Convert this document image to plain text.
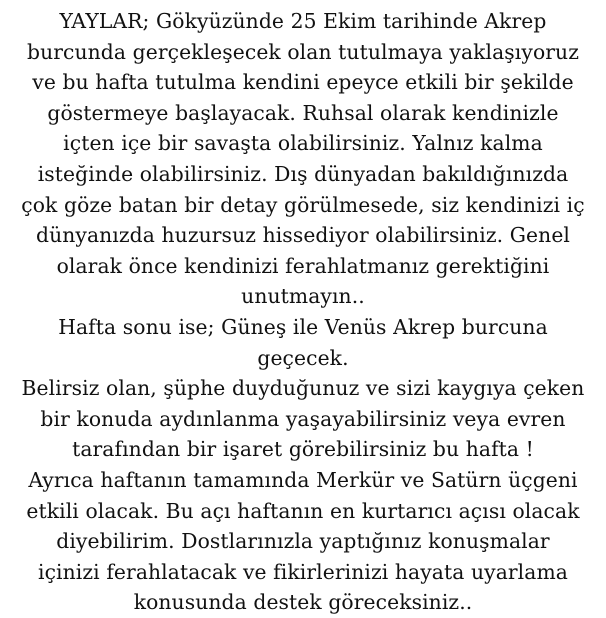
YAYLAR; Gökyüzünde 25 Ekim tarihinde Akrep
burcunda gerçekleşecek olan tutulmaya yaklaşıyoruz
ve bu hafta tutulma kendini epeyce etkili bir şekilde
göstermeye başlayacak. Ruhsal olarak kendinizle
içten içe bir savaşta olabilirsiniz. Yalnız kalma
isteğinde olabilirsiniz. Dış dünyadan bakıldığınızda
çok göze batan bir detay görülmesede, siz kendinizi iç
dünyanızda huzursuz hissediyor olabilirsiniz. Genel
olarak önce kendinizi ferahlatmanız gerektiğini
unutmayın..
Hafta sonu ise; Güneş ile Venüs Akrep burcuna
geçecek.
Belirsiz olan, şüphe duyduğunuz ve sizi kaygıya çeken
bir konuda aydınlanma yaşayabilirsiniz veya evren
tarafından bir işaret görebilirsiniz bu hafta !
Ayrıca haftanın tamamında Merkür ve Satürn üçgeni
etkili olacak. Bu açı haftanın en kurtarıcı açısı olacak
diyebilirim. Dostlarınızla yaptığınız konuşmalar
içinizi ferahlatacak ve fikirlerinizi hayata uyarlama
konusunda destek göreceksiniz..
